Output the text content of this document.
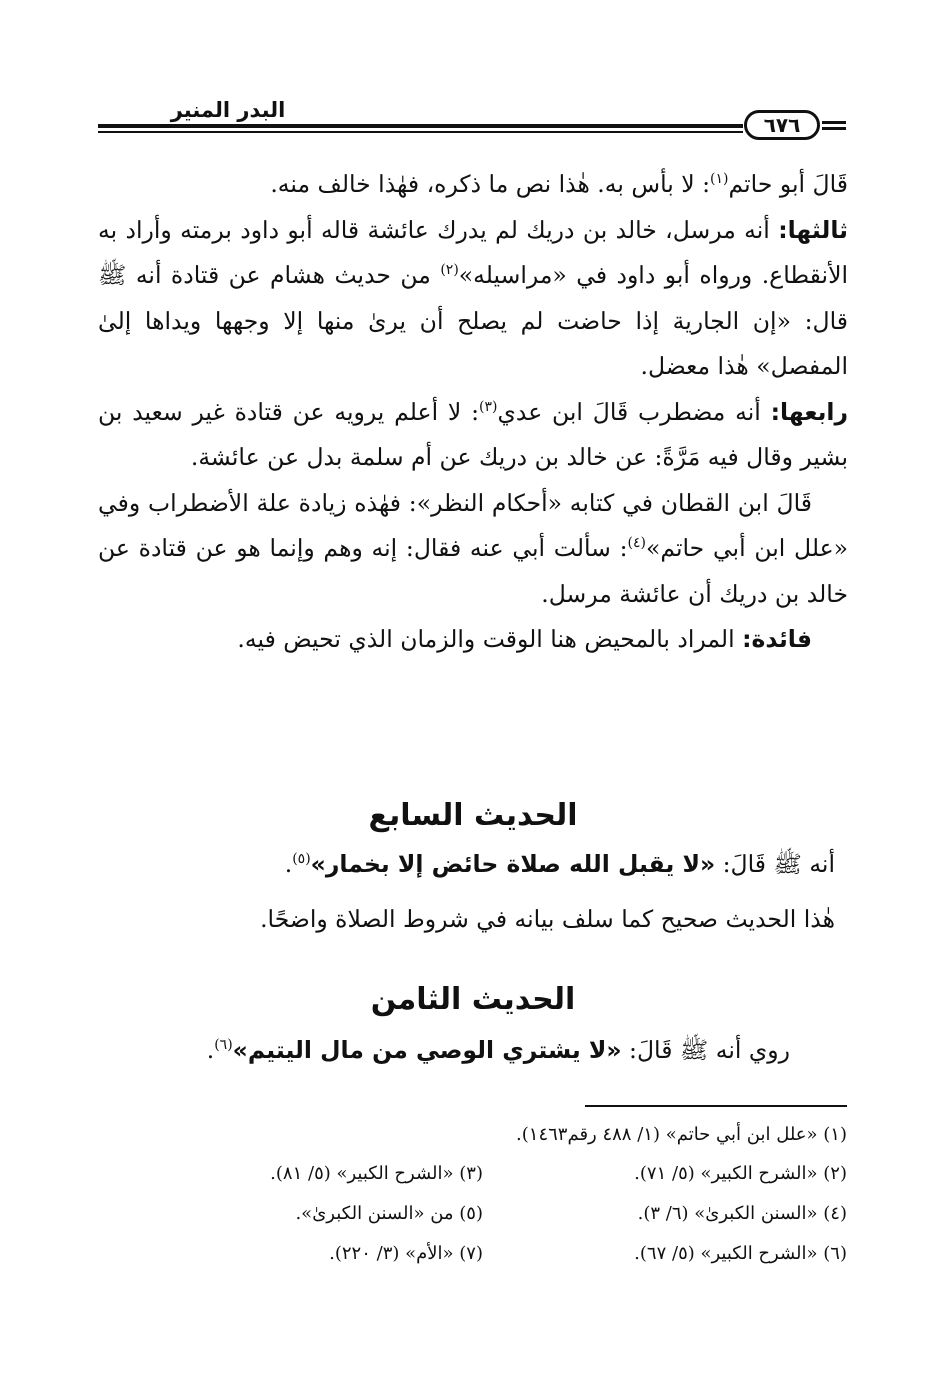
البدر المنير
٦٧٦

قَالَ أبو حاتم$^{(١)}$: لا بأس به. هٰذا نص ما ذكره، فهٰذا خالف منه.

ثالثها: أنه مرسل، خالد بن دريك لم يدرك عائشة قاله أبو داود برمته وأراد به الأنقطاع. ورواه أبو داود في «مراسيله»$^{(٢)}$ من حديث هشام عن قتادة أنه ﷺ قال: «إن الجارية إذا حاضت لم يصلح أن يرىٰ منها إلا وجهها ويداها إلىٰ المفصل» هٰذا معضل.

رابعها: أنه مضطرب قَالَ ابن عدي$^{(٣)}$: لا أعلم يرويه عن قتادة غير سعيد بن بشير وقال فيه مَرَّةً: عن خالد بن دريك عن أم سلمة بدل عن عائشة.

قَالَ ابن القطان في كتابه «أحكام النظر»: فهٰذه زيادة علة الأضطراب وفي «علل ابن أبي حاتم»$^{(٤)}$: سألت أبي عنه فقال: إنه وهم وإنما هو عن قتادة عن خالد بن دريك أن عائشة مرسل.

فائدة: المراد بالمحيض هنا الوقت والزمان الذي تحيض فيه.

الحديث السابع
أنه ﷺ قَالَ: «لا يقبل الله صلاة حائض إلا بخمار»$^{(٥)}$.
هٰذا الحديث صحيح كما سلف بيانه في شروط الصلاة واضحًا.
الحديث الثامن
روي أنه ﷺ قَالَ: «لا يشتري الوصي من مال اليتيم»$^{(٦)}$.
(١) «علل ابن أبي حاتم» (١/ ٤٨٨ رقم١٤٦٣).
(٢) «الشرح الكبير» (٥/ ٧١).
(٣) «الشرح الكبير» (٥/ ٨١).
(٤) «السنن الكبرىٰ» (٦/ ٣).
(٥) من «السنن الكبرىٰ».
(٦) «الشرح الكبير» (٥/ ٦٧).
(٧) «الأم» (٣/ ٢٢٠).
